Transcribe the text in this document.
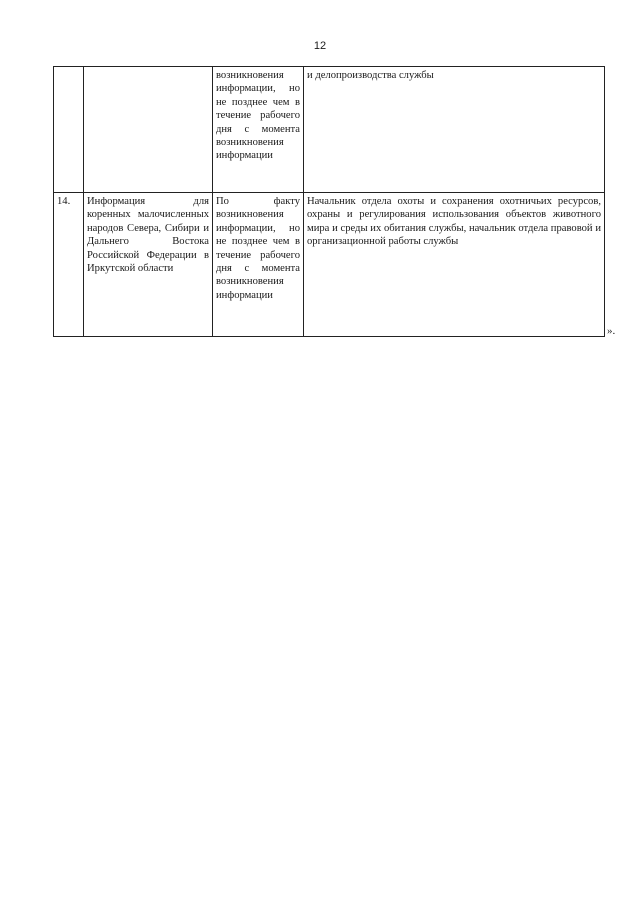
12
		возникновения информации, но не позднее чем в течение рабочего дня с момента возникновения информации	и делопроизводства службы
14.	Информация для коренных малочисленных народов Севера, Сибири и Дальнего Востока Российской Федерации в Иркутской области	По факту возникновения информации, но не позднее чем в течение рабочего дня с момента возникновения информации	Начальник отдела охоты и сохранения охотничьих ресурсов, охраны и регулирования использования объектов животного мира и среды их обитания службы, начальник отдела правовой и организационной работы службы
».
